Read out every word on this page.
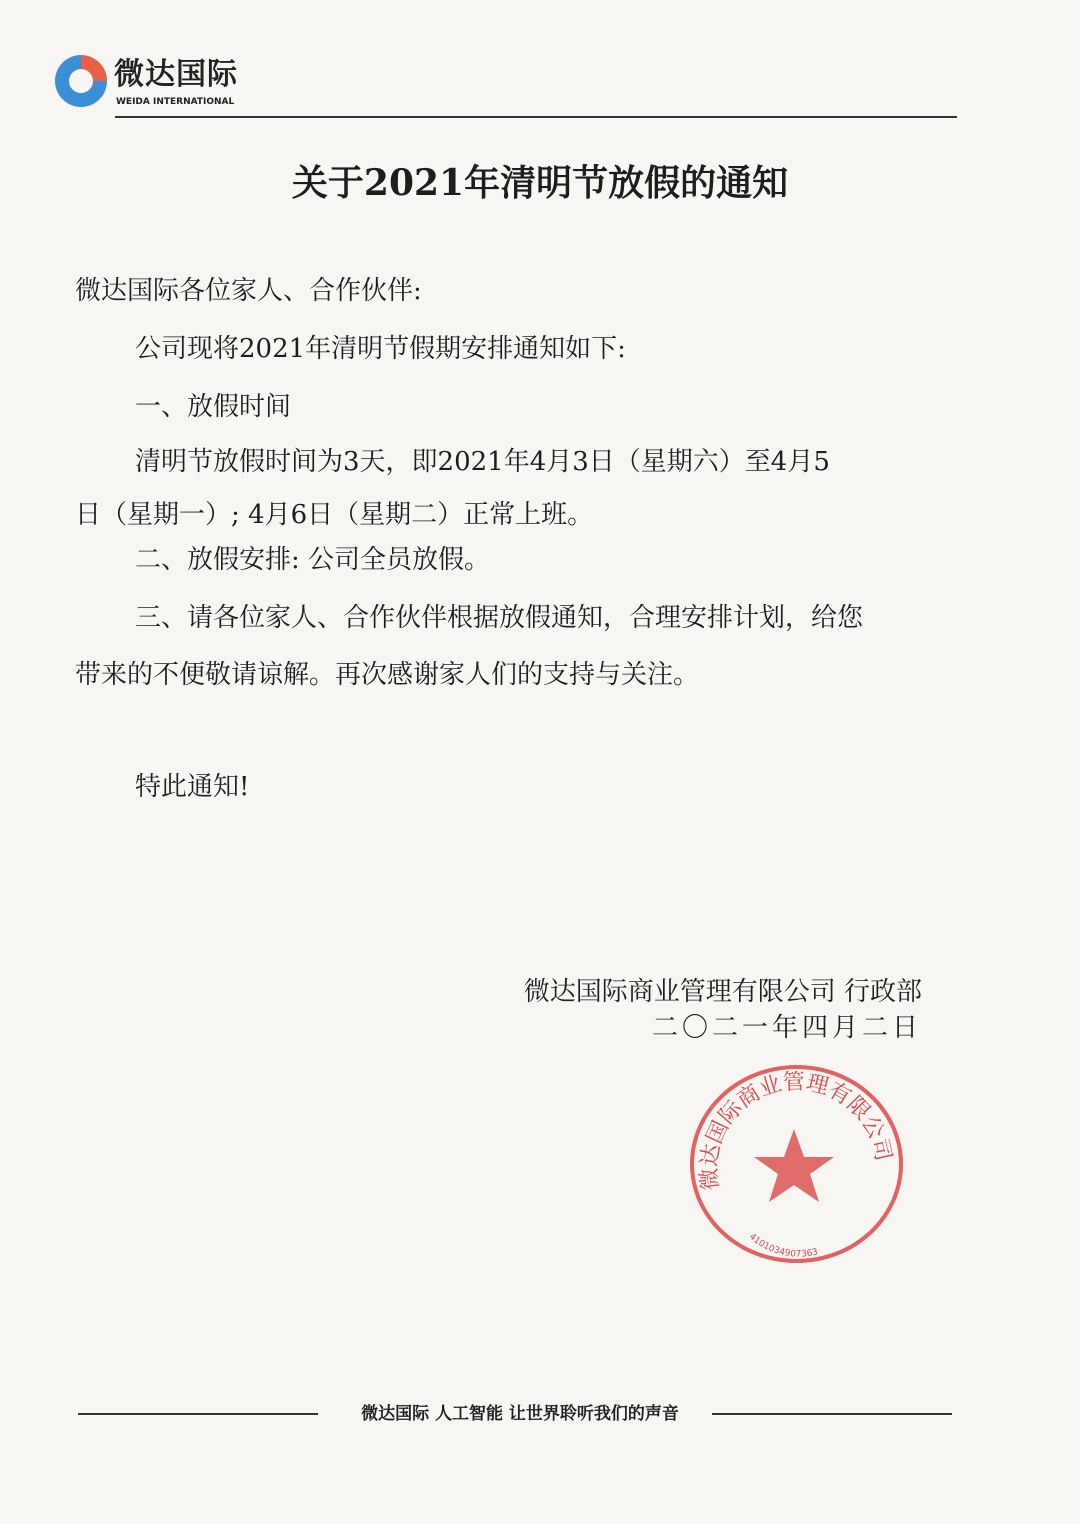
微达国际
WEIDA INTERNATIONAL
关于2021年清明节放假的通知
微达国际各位家人、合作伙伴:
公司现将2021年清明节假期安排通知如下:
一、放假时间
清明节放假时间为3天，即2021年4月3日（星期六）至4月5
日（星期一）; 4月6日（星期二）正常上班。
二、放假安排: 公司全员放假。
三、请各位家人、合作伙伴根据放假通知，合理安排计划，给您
带来的不便敬请谅解。再次感谢家人们的支持与关注。
特此通知!
微达国际商业管理有限公司 行政部
二〇二一年四月二日
微达国际商业管理有限公司
4101034907363
微达国际 人工智能 让世界聆听我们的声音
